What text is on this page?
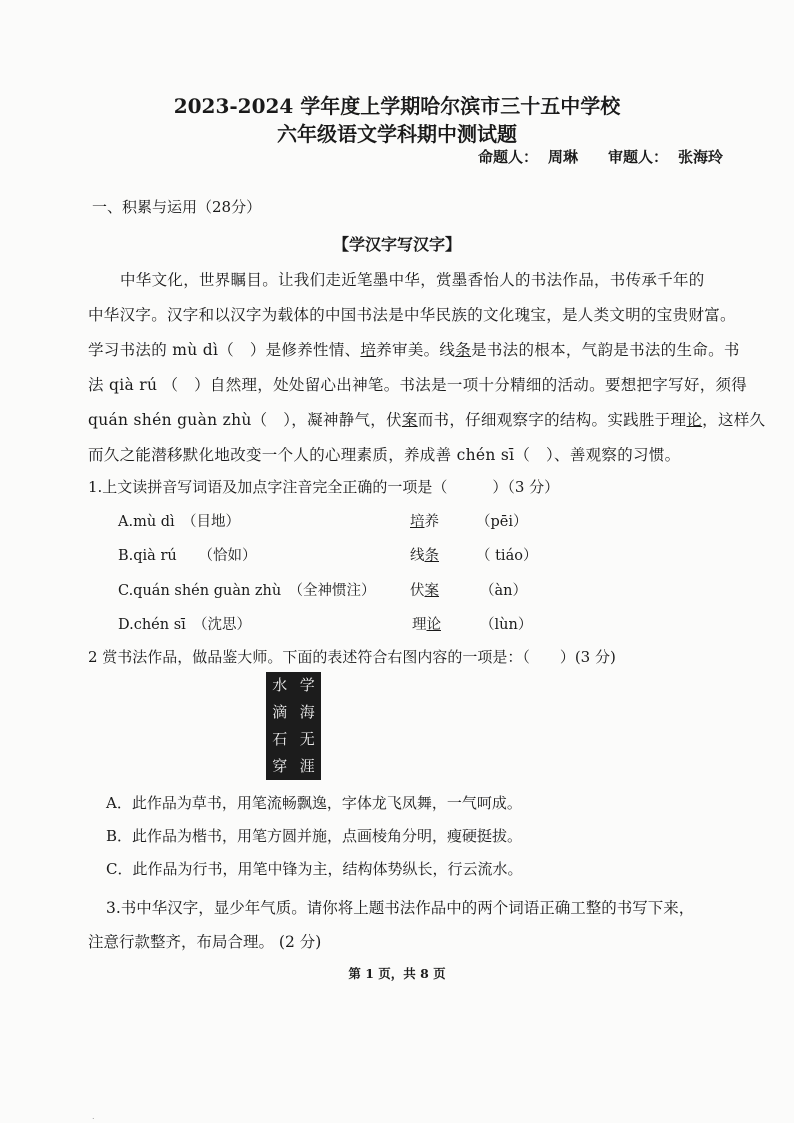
2023-2024 学年度上学期哈尔滨市三十五中学校
六年级语文学科期中测试题
命题人： 周琳 审题人： 张海玲
一、积累与运用（28分）
【学汉字写汉字】
中华文化，世界瞩目。让我们走近笔墨中华，赏墨香怡人的书法作品，书传承千年的
中华汉字。汉字和以汉字为载体的中国书法是中华民族的文化瑰宝，是人类文明的宝贵财富。
学习书法的 mù dì（　）是修养性情、培养审美。线条是书法的根本，气韵是书法的生命。书
法 qià rú （　）自然理，处处留心出神笔。书法是一项十分精细的活动。要想把字写好，须得
quán shén guàn zhù（　），凝神静气，伏案而书，仔细观察字的结构。实践胜于理论，这样久
而久之能潜移默化地改变一个人的心理素质，养成善 chén sī（　）、善观察的习惯。
1.上文读拼音写词语及加点字注音完全正确的一项是（　　　）（3 分）
A.mù dì　（目地）	培养	（pēi）
B.qià rú　　（恰如）	线条	（ tiáo）
C.quán shén guàn zhù　（全神惯注） 伏案	（àn）
D.chén sī　（沈思）	理论	（lùn）
2 赏书法作品，做品鉴大师。下面的表述符合右图内容的一项是：（　　）(3 分)
水 学
滴 海
石 无
穿 涯
A．此作品为草书，用笔流畅飘逸，字体龙飞凤舞，一气呵成。
B．此作品为楷书，用笔方圆并施，点画棱角分明，瘦硬挺拔。
C．此作品为行书，用笔中锋为主，结构体势纵长，行云流水。
3.书中华汉字，显少年气质。请你将上题书法作品中的两个词语正确工整的书写下来，
注意行款整齐，布局合理。 (2 分)
第 1 页，共 8 页
.
